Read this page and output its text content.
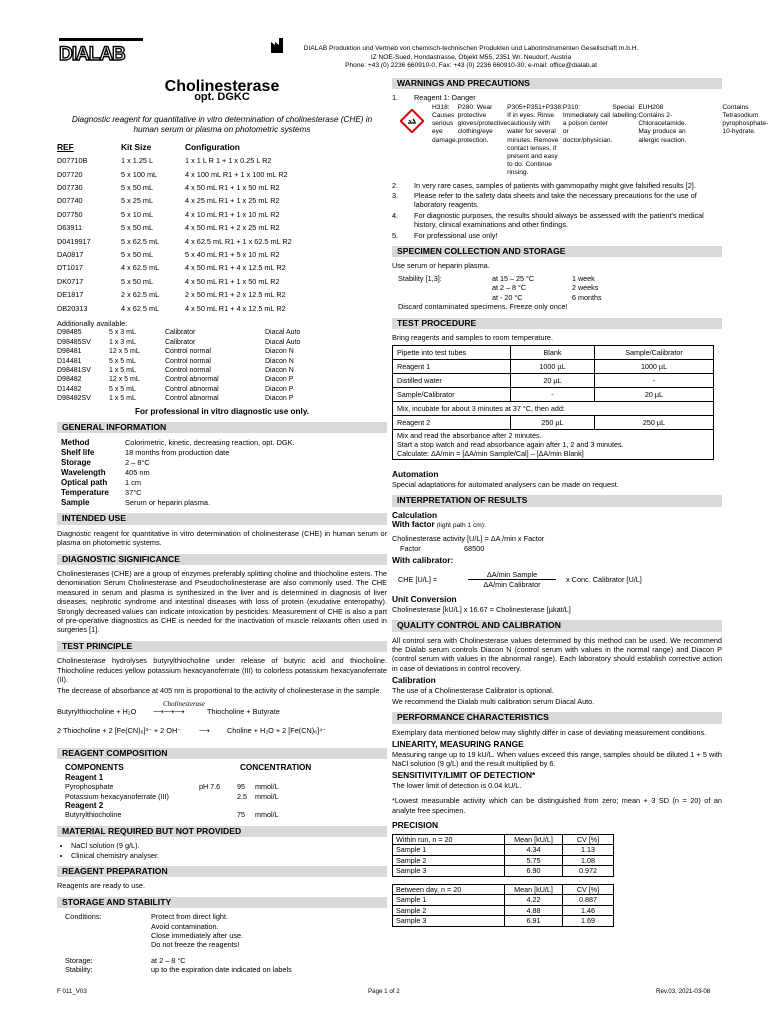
DIALAB	DIALAB Produktion und Vertrieb von chemisch-technischen Produkten und Laborinstrumenten Gesellschaft m.b.H.
IZ NOE-Sued, Hondastrasse, Objekt M55, 2351 Wr. Neudorf, Austria
Phone: +43 (0) 2236 660910-0, Fax: +43 (0) 2236 660910-30, e-mail: office@dialab.at
Cholinesterase
opt. DGKC
Diagnostic reagent for quantitative in vitro determination of cholinesterase (CHE) in human serum or plasma on photometric systems
REF	Kit Size	Configuration
D07710B	1 x 1.25 L	1 x 1 L R 1 + 1 x 0.25 L R2
D07720	5 x 100 mL	4 x 100 mL R1 + 1 x 100 mL R2
D07730	5 x 50 mL	4 x 50 mL R1 + 1 x 50 mL R2
D07740	5 x 25 mL	4 x 25 mL R1 + 1 x 25 mL R2
D07750	5 x 10 mL	4 x 10 mL R1 + 1 x 10 mL R2
D63911	5 x 50 mL	4 x 50 mL R1 + 2 x 25 mL R2
D0419917	5 x 62.5 mL	4 x 62.5 mL R1 + 1 x 62.5 mL R2
DA0817	5 x 50 mL	5 x 40 mL R1 + 5 x 10 mL R2
DT1017	4 x 62.5 mL	4 x 50 mL R1 + 4 x 12.5 mL R2
DK0717	5 x 50 mL	4 x 50 mL R1 + 1 x 50 mL R2
DE1817	2 x 62.5 mL	2 x 50 mL R1 + 2 x 12.5 mL R2
DB20313	4 x 62.5 mL	4 x 50 mL R1 + 4 x 12.5 mL R2
Additionally available:
D98485	5 x 3 mL	Calibrator	Diacal Auto
D98485SV	1 x 3 mL	Calibrator	Diacal Auto
D98481	12 x 5 mL	Control normal	Diacon N
D14481	5 x 5 mL	Control normal	Diacon N
D98481SV	1 x 5 mL	Control normal	Diacon N
D98482	12 x 5 mL	Control abnormal	Diacon P
D14482	5 x 5 mL	Control abnormal	Diacon P
D98482SV	1 x 5 mL	Control abnormal	Diacon P
For professional in vitro diagnostic use only.
GENERAL INFORMATION
Method	Colorimetric, kinetic, decreasing reaction, opt. DGK.
Shelf life	18 months from production date
Storage	2 – 8°C
Wavelength	405 nm
Optical path	1 cm
Temperature	37°C
Sample	Serum or heparin plasma.
INTENDED USE

Diagnostic reagent for quantitative in vitro determination of cholinesterase (CHE) in human serum or plasma on photometric systems.

DIAGNOSTIC SIGNIFICANCE

Cholinesterases (CHE) are a group of enzymes preferably splitting choline and thiocholine esters. The denomination Serum Cholinesterase and Pseudocholinesterase are also commonly used. The CHE measured in serum and plasma is synthesized in the liver and is determined in diagnosis of liver diseases, nephrotic syndrome and intestinal diseases with loss of protein (exudative enteropathy). Strongly decreased values can indicate intoxication by pesticides. Measurement of CHE is also a part of pre-operative diagnostics as CHE is needed for the inactivation of muscle relaxants often used in surgeries [1].

TEST PRINCIPLE

Cholinesterase hydrolyses butyrylthiocholine under release of butyric acid and thiocholine. Thiocholine reduces yellow potassium hexacyanoferrate (III) to colorless potassium hexacyanoferrate (II).

The decrease of absorbance at 405 nm is proportional to the activity of cholinesterase in the sample.

Butyrylthiocholine + H₂O
Cholinesterase
⟶⟶⟶	Thiocholine + Butyrate
2 Thiocholine + 2 [Fe(CN)₆]³⁻ + 2 OH⁻ ⟶ Choline + H₂O + 2 [Fe(CN)₆]⁴⁻
REAGENT COMPOSITION
COMPONENTS	CONCENTRATION
Reagent 1
Pyrophosphate	pH 7.6	95	mmol/L
Potassium hexacyanoferrate (III)		2.5	mmol/L
Reagent 2
Butyrylthiocholine		75	mmol/L
MATERIAL REQUIRED BUT NOT PROVIDED
• NaCl solution (9 g/L).
• Clinical chemistry analyser.
REAGENT PREPARATION

Reagents are ready to use.

STORAGE AND STABILITY
Conditions:	Protect from direct light.
Avoid contamination.
Close immediately after use.
Do not freeze the reagents!
Storage:	at 2 – 8 °C
Stability:	up to the expiration date indicated on labels
WARNINGS AND PRECAUTIONS
1.	Reagent 1: Danger
H318: Causes serious eye damage.
P280: Wear protective gloves/protective clothing/eye protection.
P305+P351+P338: If in eyes: Rinse cautiously with water for several minutes. Remove contact lenses, if present and easy to do. Continue rinsing.
P310: Immediately call a poison center or doctor/physician.
Special labelling:
EUH208 Contains 2-Chloracetamide. May produce an allergic reaction.
Contains Tetrasodium pyrophosphate-10-hydrate.
2.	In very rare cases, samples of patients with gammopathy might give falsified results [2].
3.	Please refer to the safety data sheets and take the necessary precautions for the use of laboratory reagents.
4.	For diagnostic purposes, the results should always be assessed with the patient's medical history, clinical examinations and other findings.
5.	For professional use only!
SPECIMEN COLLECTION AND STORAGE

Use serum or heparin plasma.

Stability [1,3]:	at 15 – 25 °C	1 week
at 2 – 8 °C	2 weeks
at - 20 °C	6 months

Discard contaminated specimens. Freeze only once!

TEST PROCEDURE

Bring reagents and samples to room temperature.

Pipette into test tubes	Blank	Sample/Calibrator
Reagent 1	1000 µL	1000 µL
Distilled water	20 µL	-
Sample/Calibrator	-	20 µL
Mix, incubate for about 3 minutes at 37 °C, then add:		
Reagent 2	250 µL	250 µL

Mix and read the absorbance after 2 minutes.
Start a stop watch and read absorbance again after 1, 2 and 3 minutes.
Calculate: ΔA/min = [ΔA/min Sample/Cal] – [ΔA/min Blank]		
Automation

Special adaptations for automated analysers can be made on request.

INTERPRETATION OF RESULTS
Calculation
With factor (light path 1 cm):
Cholinesterase activity [U/L] = ΔA /min x Factor
Factor	68500
With calibrator:
CHE [U/L] =
ΔA/min Sample
ΔA/min Calibrator
x Conc. Calibrator [U/L]
Unit Conversion

Cholinesterase [kU/L] x 16.67 = Cholinesterase [µkat/L]

QUALITY CONTROL AND CALIBRATION

All control sera with Cholinesterase values determined by this method can be used. We recommend the Dialab serum controls Diacon N (control serum with values in the normal range) and Diacon P (control serum with values in the abnormal range). Each laboratory should establish corrective action in case of deviations in control recovery.

Calibration

The use of a Cholinesterase Calibrator is optional.

We recommend the Dialab multi calibration serum Diacal Auto.

PERFORMANCE CHARACTERISTICS

Exemplary data mentioned below may slightly differ in case of deviating measurement conditions.

LINEARITY, MEASURING RANGE

Measuring range up to 19 kU/L. When values exceed this range, samples should be diluted 1 + 5 with NaCl solution (9 g/L) and the result multiplied by 6.

SENSITIVITY/LIMIT OF DETECTION*

The lower limit of detection is 0.04 kU/L.

*Lowest measurable activity which can be distinguished from zero; mean + 3 SD (n = 20) of an analyte free specimen.

PRECISION
Within run, n = 20	Mean [kU/L]	CV [%]
Sample 1	4.34	1.13
Sample 2	5.75	1.08
Sample 3	6.90	0.972
Between day, n = 20	Mean [kU/L]	CV [%]
Sample 1	4.22	0.887
Sample 2	4.88	1.46
Sample 3	6.91	1.69
F 011_V03	Page 1 of 2	Rev.03, 2021-03-08
